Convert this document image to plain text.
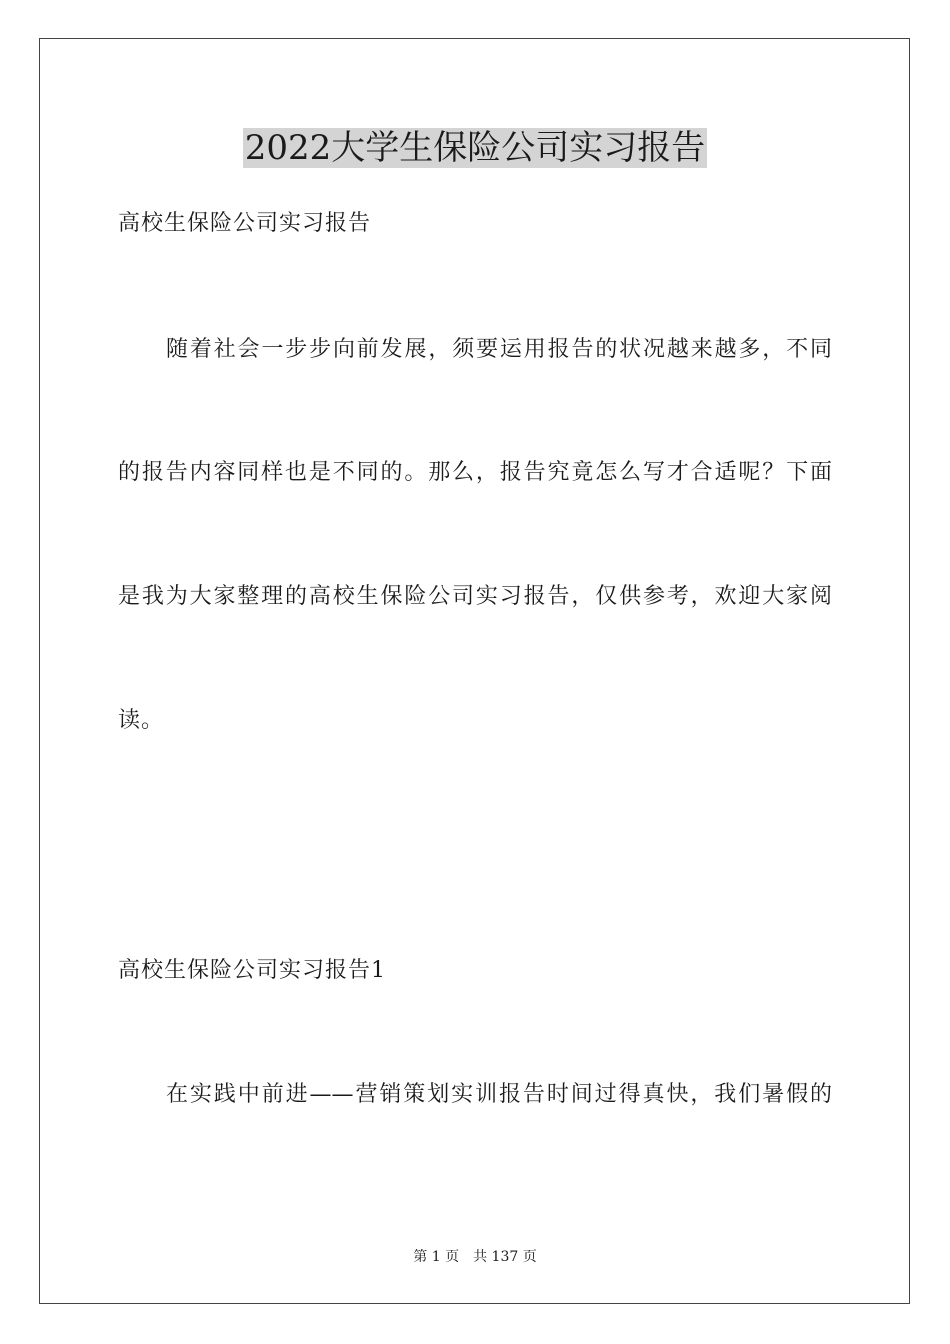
2022大学生保险公司实习报告
高校生保险公司实习报告
随着社会一步步向前发展，须要运用报告的状况越来越多，不同
的报告内容同样也是不同的。那么，报告究竟怎么写才合适呢？下面
是我为大家整理的高校生保险公司实习报告，仅供参考，欢迎大家阅
读。
高校生保险公司实习报告1
在实践中前进——营销策划实训报告时间过得真快，我们暑假的
第 1 页　共 137 页
